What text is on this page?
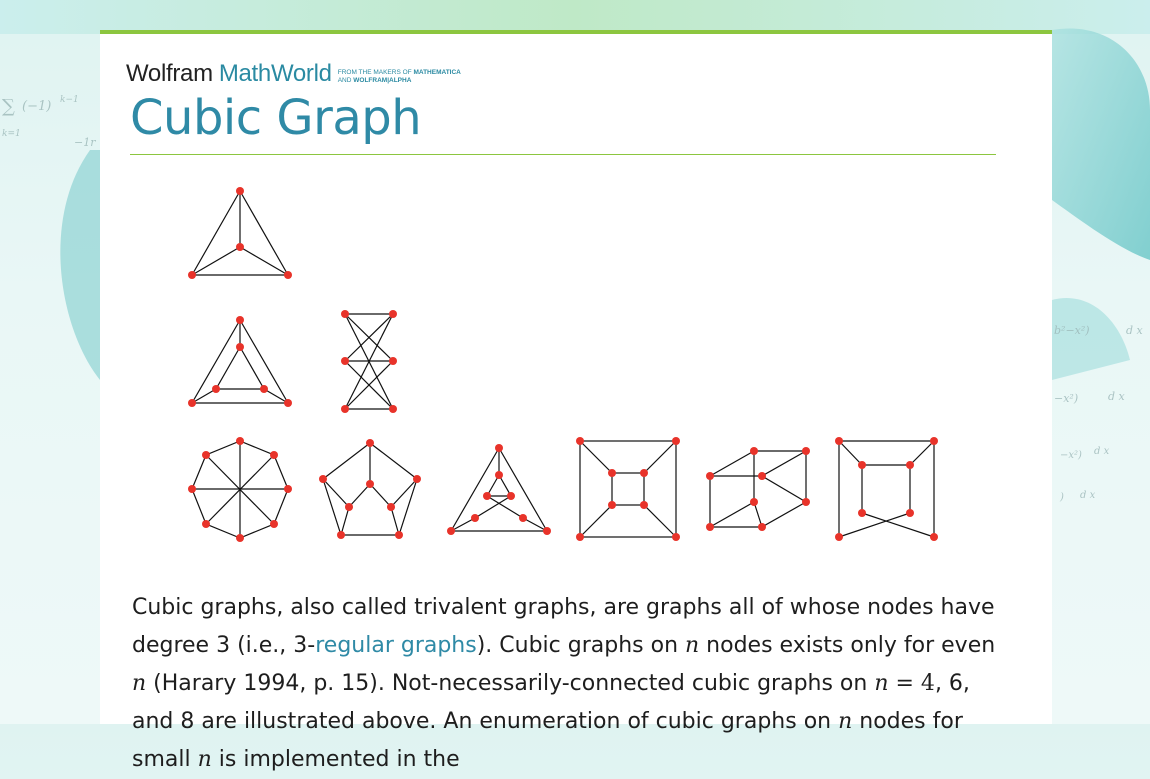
∑ (−1) k−1
k=1
−1r
b²−x²)	d x
−x²)	d x
−x²) d x
) d x
Wolfram MathWorld FROM THE MAKERS OF MATHEMATICA
AND WOLFRAM|ALPHA
Cubic Graph

Cubic graphs, also called trivalent graphs, are graphs all of whose nodes have degree 3 (i.e., 3-regular graphs). Cubic graphs on n nodes exists only for even n (Harary 1994, p. 15). Not-necessarily-connected cubic graphs on n = 4, 6, and 8 are illustrated above. An enumeration of cubic graphs on n nodes for small n is implemented in the
